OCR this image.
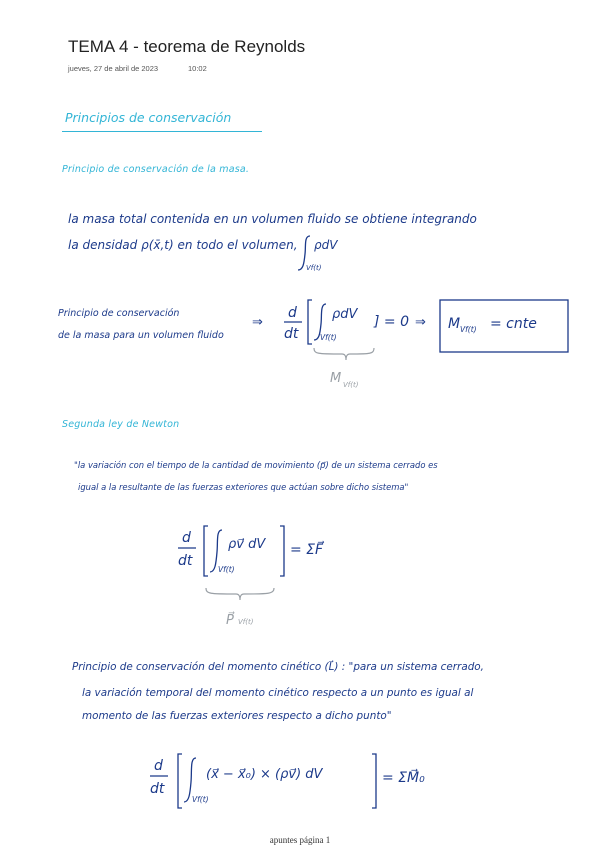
TEMA 4 - teorema de Reynolds
jueves, 27 de abril de 2023	10:02
Principios de conservación
Principio de conservación de la masa.
la masa total contenida en un volumen fluido se obtiene integrando
la densidad ρ(x̄,t) en todo el volumen, ρdV
Vf(t)
Principio de conservación
de la masa para un volumen fluido
⇒
d
dt
ρdV
Vf(t)
] = 0 ⇒ M Vf(t) = cnte
M Vf(t)
Segunda ley de Newton
"la variación con el tiempo de la cantidad de movimiento (p⃗) de un sistema cerrado es
igual a la resultante de las fuerzas exteriores que actúan sobre dicho sistema"
d
dt
ρv⃗ dV
Vf(t)
= ΣF⃗
P⃗ Vf(t)
Principio de conservación del momento cinético (L⃗) : "para un sistema cerrado,
la variación temporal del momento cinético respecto a un punto es igual al
momento de las fuerzas exteriores respecto a dicho punto"
d
dt
(x⃗ − x⃗₀) × (ρv⃗) dV
Vf(t)
= ΣM⃗₀
apuntes página 1
